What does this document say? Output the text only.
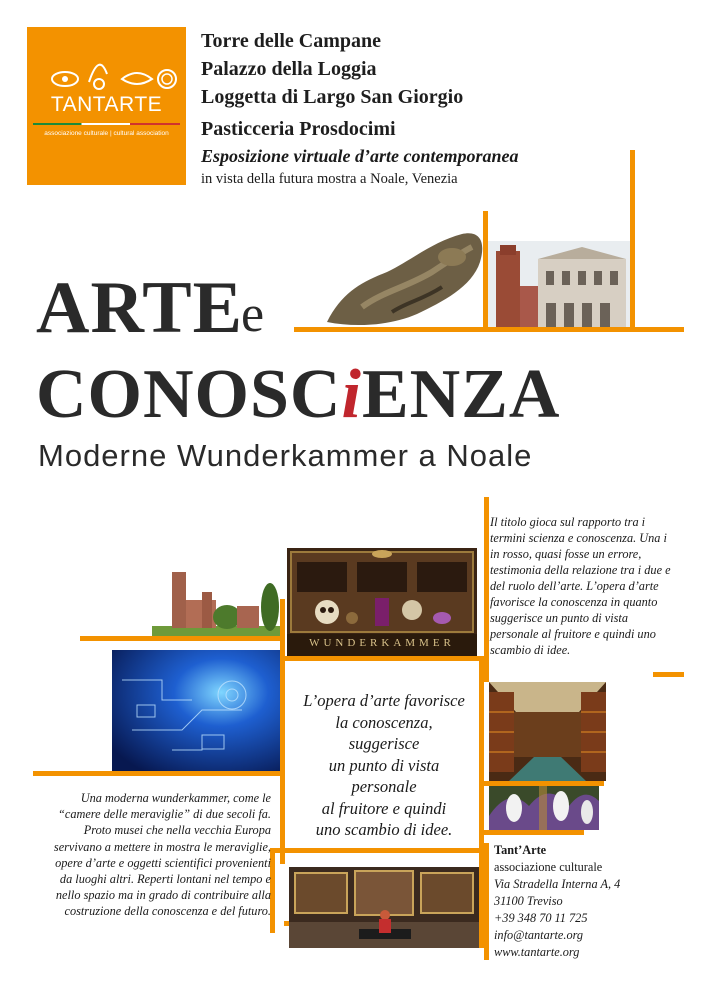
TANTARTE
associazione culturale | cultural association
Torre delle Campane
Palazzo della Loggia
Loggetta di Largo San Giorgio
Pasticceria Prosdocimi
Esposizione virtuale d’arte contemporanea
in vista della futura mostra a Noale, Venezia
ARTE
e
CONOSCiENZA
Moderne Wunderkammer a Noale
WUNDERKAMMER
Il titolo gioca sul rapporto tra i termini scienza e conoscenza. Una i in rosso, quasi fosse un errore, testimonia della relazione tra i due e del ruolo dell’arte. L’opera d’arte favorisce la conoscenza in quanto suggerisce un punto di vista personale al fruitore e quindi uno scambio di idee.
L’opera d’arte favorisce
la conoscenza,
suggerisce
un punto di vista
personale
al fruitore e quindi
uno scambio di idee.
Una moderna wunderkammer, come le “camere delle meraviglie” di due secoli fa. Proto musei che nella vecchia Europa servivano a mettere in mostra le meraviglie, opere d’arte e oggetti scientifici provenienti da luoghi altri. Reperti lontani nel tempo e nello spazio ma in grado di contribuire alla costruzione della conoscenza e del futuro.
Tant’Arte
associazione culturale
Via Stradella Interna A, 4
31100 Treviso
+39 348 70 11 725
info@tantarte.org
www.tantarte.org
